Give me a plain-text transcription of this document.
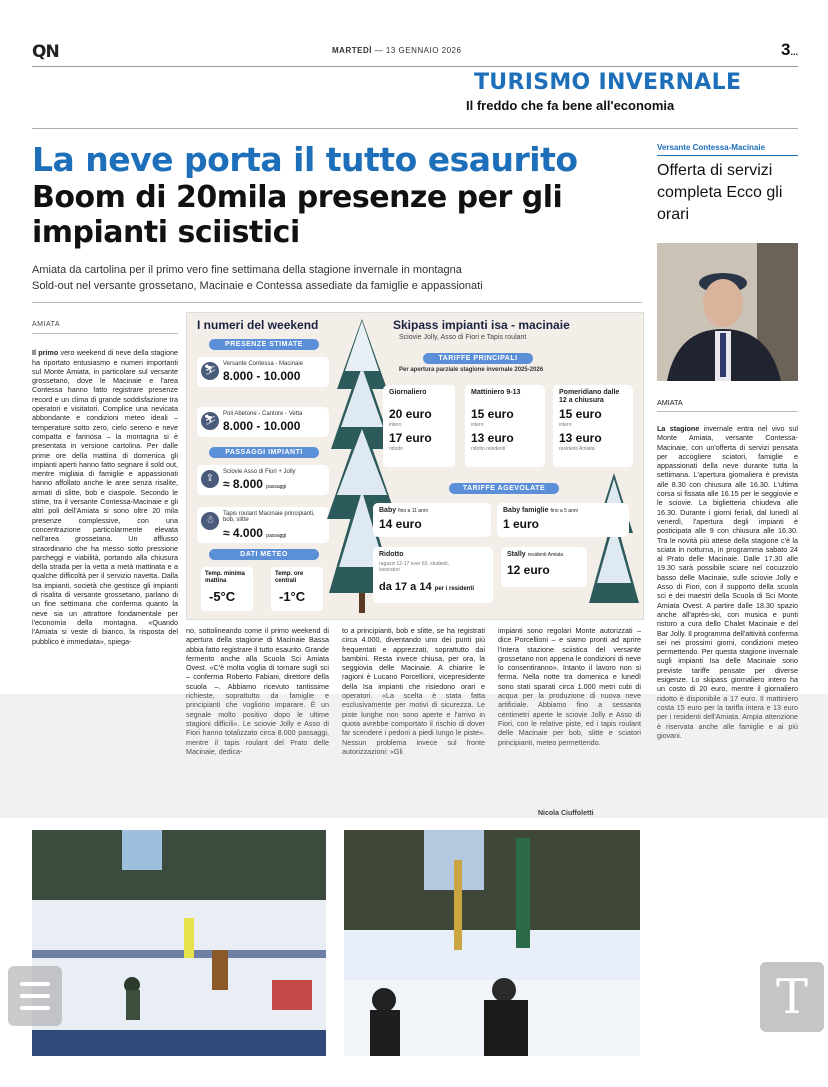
QN	MARTEDÌ — 13 GENNAIO 2026	3...
TURISMO INVERNALE
Il freddo che fa bene all'economia
La neve porta il tutto esaurito
Boom di 20mila presenze per gli impianti sciistici
Amiata da cartolina per il primo vero fine settimana della stagione invernale in montagna
Sold-out nel versante grossetano, Macinaie e Contessa assediate da famiglie e appassionati
AMIATA
Il primo vero weekend di neve della stagione ha riportato entusiasmo e numeri importanti sul Monte Amiata, in particolare sul versante grossetano, dove le Macinaie e l'area Contessa hanno fatto registrare presenze record e un clima di grande soddisfazione tra operatori e visitatori. Complice una nevicata abbondante e condizioni meteo ideali – temperature sotto zero, cielo sereno e neve compatta e farinosa – la montagna si è presentata in versione cartolina. Per dalle prime ore della mattina di domenica gli impianti aperti hanno fatto segnare il sold out, mentre migliaia di famiglie e appassionati hanno affollato anche le aree senza risalite, armati di slitte, bob e ciaspole. Secondo le stime, tra il versante Contessa-Macinaie e gli altri poli dell'Amiata si sono oltre 20 mila presenze complessive, con una concentrazione particolarmente elevata nell'area grossetana. Un afflusso straordinario che ha messo sotto pressione parcheggi e viabilità, portando alla chiusura della strada per la vetta a metà mattinata e a qualche difficoltà per il servizio navetta. Dalla Isa impianti, società che gestisce gli impianti di risalita di versante grossetano, parlano di un fine settimana che conferma quanto la neve sia un attrattore fondamentale per l'economia della montagna. «Quando l'Amiata si veste di bianco, la risposta del pubblico è immediata», spiega-
I numeri del weekend	Skipass impianti isa - macinaie
Sciovie Jolly, Asso di Fiori e Tapis roulant
PRESENZE STIMATE
⛷
Versante Contessa - Macinaie
8.000 - 10.000
⛷
Poli Abetone - Cantore - Vetta
8.000 - 10.000
PASSAGGI IMPIANTI
⇪
Sciovie Asso di Fiori + Jolly
≈ 8.000 passaggi
☃
Tapis roulant Macinaie principianti, bob, slitte
≈ 4.000 passaggi
DATI METEO
Temp. minima mattina
-5°C
Temp. ore centrali
-1°C
TARIFFE PRINCIPALI
Per apertura parziale stagione invernale 2025-2026
Giornaliero
20 euro
intero
17 euro
ridotto
Mattiniero 9-13
15 euro
intero
13 euro
ridotto residenti
Pomeridiano dalle 12 a chiusura
15 euro
intero
13 euro
residenti Amiata
TARIFFE AGEVOLATE
Baby fino a 11 anni
14 euro
Baby famiglie fino a 5 anni
1 euro
Ridotto
ragazzi 12-17 over 60, studenti, lavoratori
da 17 a 14 per i residenti
Stally residenti Amiata
12 euro
no, sottolineando come il primo weekend di apertura della stagione di Macinaie Bassa abbia fatto registrare il tutto esaurito. Grande fermento anche alla Scuola Sci Amiata Ovest. «C'è molta voglia di tornare sugli sci – conferma Roberto Fabiani, direttore della scuola –. Abbiamo ricevuto tantissime richieste, soprattutto da famiglie e principianti che vogliono imparare. È un segnale molto positivo dopo le ultime stagioni difficili». Le sciovie Jolly e Asso di Fiori hanno totalizzato circa 8.000 passaggi, mentre il tapis roulant del Prato delle Macinaie, dedica-
to a principianti, bob e slitte, se ha registrati circa 4.000, diventando uno dei punti più frequentati e apprezzati, soprattutto dai bambini. Resta invece chiusa, per ora, la seggiovia delle Macinaie. A chiarire le ragioni è Lucano Porcellioni, vicepresidente della Isa impianti che risiedono orari e operatori. «La scelta è stata fatta esclusivamente per motivi di sicurezza. Le piste lunghe non sono aperte e l'arrivo in quota avrebbe comportato il rischio di dover far scendere i pedoni a piedi lungo le piste». Nessun problema invece sul fronte autorizzazioni: «Gli
impianti sono regolari Monte autorizzati – dice Porcellioni – e siamo pronti ad aprire l'intera stazione sciistica del versante grossetano non appena le condizioni di neve lo consentiranno». Intanto il lavoro non si ferma. Nella notte tra domenica e lunedì sono stati sparati circa 1.000 metri cubi di acqua per la produzione di nuova neve artificiale. Abbiamo fino a sessanta centimetri aperte le sciovie Jolly e Asso di Fiori, con le relative piste, ed i tapis roulant delle Macinaie per bob, slitte e sciatori principianti, meteo permettendo.
Nicola Ciuffoletti
Versante Contessa-Macinaie
Offerta di servizi completa Ecco gli orari
AMIATA
La stagione invernale entra nel vivo sul Monte Amiata, versante Contessa-Macinaie, con un'offerta di servizi pensata per accogliere sciatori, famiglie e appassionati della neve durante tutta la settimana. L'apertura giornaliera è prevista alle 8.30 con chiusura alle 16.30. L'ultima corsa si fissata alle 16.15 per le seggiovie e le sciovie. La biglietteria chiudeva alle 16.30. Durante i giorni feriali, dal lunedì al venerdì, l'apertura degli impianti è posticipata alle 9 con chiusura alle 16.30. Tra le novità più attese della stagione c'è la sciata in notturna, in programma sabato 24 al Prato delle Macinaie. Dalle 17.30 alle 19.30 sarà possibile sciare nel cocuzzolo basso delle Macinaie, sulle sciovie Jolly e Asso di Fiori, con il supporto della scuola sci e dei maestri della Scuola di Sci Monte Amiata Ovest. A partire dalle 18.30 spazio anche all'après-ski, con musica e punti ristoro a cura dello Chalet Macinaie e del Bar Jolly. Il programma dell'attività conferma sei nei prossimi giorni, condizioni meteo permettendo. Per questa stagione invernale sugli impianti Isa delle Macinaie sono previste tariffe pensate per diverse esigenze. Lo skipass giornaliero intero ha un costo di 20 euro, mentre il giornaliero ridotto è disponibile a 17 euro. Il mattiniero costa 15 euro per la tariffa intera e 13 euro per i residenti dell'Amiata. Ampia attenzione è riservata anche alle famiglie e ai più giovani.
T
